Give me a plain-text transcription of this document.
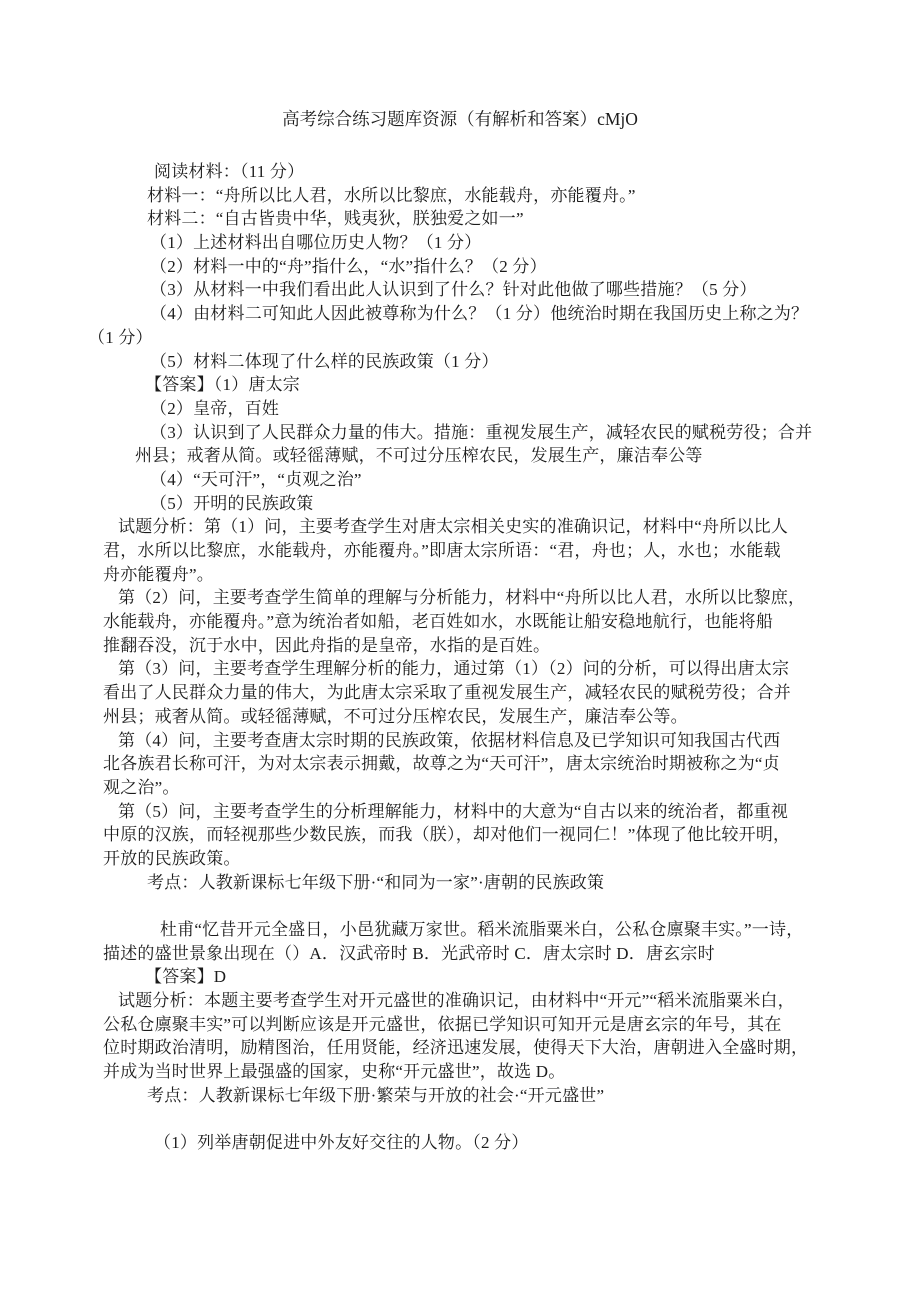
高考综合练习题库资源（有解析和答案）cMjO
阅读材料：（11 分）
材料一：“舟所以比人君，水所以比黎庶，水能载舟，亦能覆舟。”
材料二：“自古皆贵中华，贱夷狄，朕独爱之如一”
（1）上述材料出自哪位历史人物？（1 分）
（2）材料一中的“舟”指什么，“水”指什么？（2 分）
（3）从材料一中我们看出此人认识到了什么？针对此他做了哪些措施？（5 分）
（4）由材料二可知此人因此被尊称为什么？（1 分）他统治时期在我国历史上称之为？
（1 分）
（5）材料二体现了什么样的民族政策（1 分）
【答案】（1）唐太宗
（2）皇帝，百姓
（3）认识到了人民群众力量的伟大。措施：重视发展生产，减轻农民的赋税劳役；合并
州县；戒奢从简。或轻徭薄赋，不可过分压榨农民，发展生产，廉洁奉公等
（4）“天可汗”，“贞观之治”
（5）开明的民族政策
试题分析：第（1）问，主要考查学生对唐太宗相关史实的准确识记，材料中“舟所以比人
君，水所以比黎庶，水能载舟，亦能覆舟。”即唐太宗所语：“君，舟也；人，水也；水能载
舟亦能覆舟”。
第（2）问，主要考查学生简单的理解与分析能力，材料中“舟所以比人君，水所以比黎庶，
水能载舟，亦能覆舟。”意为统治者如船，老百姓如水，水既能让船安稳地航行，也能将船
推翻吞没，沉于水中，因此舟指的是皇帝，水指的是百姓。
第（3）问，主要考查学生理解分析的能力，通过第（1）（2）问的分析，可以得出唐太宗
看出了人民群众力量的伟大，为此唐太宗采取了重视发展生产，减轻农民的赋税劳役；合并
州县；戒奢从简。或轻徭薄赋，不可过分压榨农民，发展生产，廉洁奉公等。
第（4）问，主要考查唐太宗时期的民族政策，依据材料信息及已学知识可知我国古代西
北各族君长称可汗，为对太宗表示拥戴，故尊之为“天可汗”，唐太宗统治时期被称之为“贞
观之治”。
第（5）问，主要考查学生的分析理解能力，材料中的大意为“自古以来的统治者，都重视
中原的汉族，而轻视那些少数民族，而我（朕），却对他们一视同仁！”体现了他比较开明，
开放的民族政策。
考点：人教新课标七年级下册·“和同为一家”·唐朝的民族政策
杜甫“忆昔开元全盛日，小邑犹藏万家世。稻米流脂粟米白，公私仓廪聚丰实。”一诗，
描述的盛世景象出现在（）A．汉武帝时 B．光武帝时 C．唐太宗时 D．唐玄宗时
【答案】D
试题分析：本题主要考查学生对开元盛世的准确识记，由材料中“开元”“稻米流脂粟米白，
公私仓廪聚丰实”可以判断应该是开元盛世，依据已学知识可知开元是唐玄宗的年号，其在
位时期政治清明，励精图治，任用贤能，经济迅速发展，使得天下大治，唐朝进入全盛时期，
并成为当时世界上最强盛的国家，史称“开元盛世”，故选 D。
考点：人教新课标七年级下册·繁荣与开放的社会·“开元盛世”
（1）列举唐朝促进中外友好交往的人物。（2 分）
